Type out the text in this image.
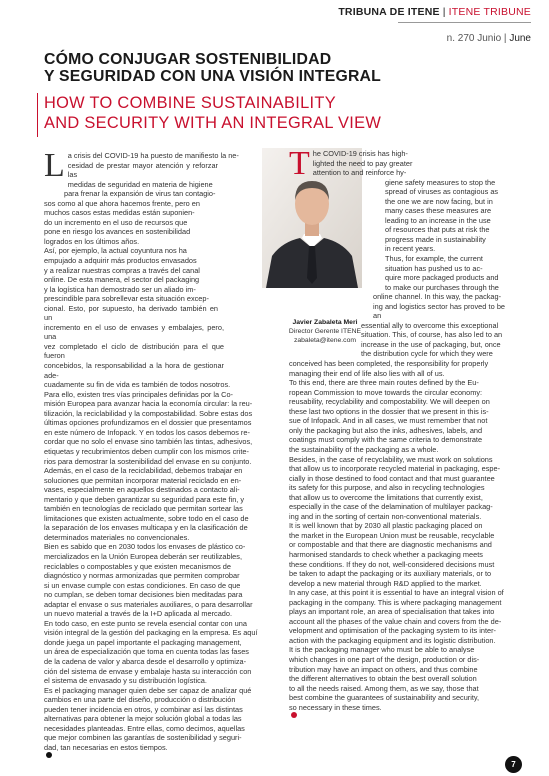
TRIBUNA DE ITENE | ITENE TRIBUNE
n. 270 Junio | June
CÓMO CONJUGAR SOSTENIBILIDAD
Y SEGURIDAD CON UNA VISIÓN INTEGRAL
HOW TO COMBINE SUSTAINABILITY
AND SECURITY WITH AN INTEGRAL VIEW
L a crisis del COVID-19 ha puesto de manifiesto la ne-
cesidad de prestar mayor atención y reforzar las
medidas de seguridad en materia de higiene
para frenar la expansión de virus tan contagio-
sos como al que ahora hacemos frente, pero en
muchos casos estas medidas están suponien-
do un incremento en el uso de recursos que
pone en riesgo los avances en sostenibilidad
logrados en los últimos años.
Así, por ejemplo, la actual coyuntura nos ha
empujado a adquirir más productos envasados
y a realizar nuestras compras a través del canal
online. De esta manera, el sector del packaging
y la logística han demostrado ser un aliado im-
prescindible para sobrellevar esta situación excep-
cional. Esto, por supuesto, ha derivado también en un
incremento en el uso de envases y embalajes, pero, una
vez completado el ciclo de distribución para el que fueron
concebidos, la responsabilidad a la hora de gestionar ade-
cuadamente su fin de vida es también de todos nosotros.
Para ello, existen tres vías principales definidas por la Co-
misión Europea para avanzar hacia la economía circular: la reu-
tilización, la reciclabilidad y la compostabilidad. Sobre estas dos
últimas opciones profundizamos en el dossier que presentamos
en este número de Infopack. Y en todos los casos debemos re-
cordar que no solo el envase sino también las tintas, adhesivos,
etiquetas y recubrimientos deben cumplir con los mismos crite-
rios para demostrar la sostenibilidad del envase en su conjunto.
Además, en el caso de la reciclabilidad, debemos trabajar en
soluciones que permitan incorporar material reciclado en en-
vases, especialmente en aquellos destinados a contacto ali-
mentario y que deben garantizar su seguridad para este fin, y
también en tecnologías de reciclado que permitan sortear las
limitaciones que existen actualmente, sobre todo en el caso de
la separación de los envases multicapa y en la clasificación de
determinados materiales no convencionales.
Bien es sabido que en 2030 todos los envases de plástico co-
mercializados en la Unión Europea deberán ser reutilizables,
reciclables o compostables y que existen mecanismos de
diagnóstico y normas armonizadas que permiten comprobar
si un envase cumple con estas condiciones. En caso de que
no cumplan, se deben tomar decisiones bien meditadas para
adaptar el envase o sus materiales auxiliares, o para desarrollar
un nuevo material a través de la I+D aplicada al mercado.
En todo caso, en este punto se revela esencial contar con una
visión integral de la gestión del packaging en la empresa. Es aquí
donde juega un papel importante el packaging management,
un área de especialización que toma en cuenta todas las fases
de la cadena de valor y abarca desde el desarrollo y optimiza-
ción del sistema de envase y embalaje hasta su interacción con
el sistema de envasado y su distribución logística.
Es el packaging manager quien debe ser capaz de analizar qué
cambios en una parte del diseño, producción o distribución
pueden tener incidencia en otros, y combinar así las distintas
alternativas para obtener la mejor solución global a todas las
necesidades planteadas. Entre ellas, como decimos, aquellas
que mejor combinen las garantías de sostenibilidad y seguri-
dad, tan necesarias en estos tiempos.
Javier Zabaleta Meri
Director Gerente ITENE
zabaleta@itene.com
T he COVID-19 crisis has high-
lighted the need to pay greater
attention to and reinforce hy-
giene safety measures to stop the
spread of viruses as contagious as
the one we are now facing, but in
many cases these measures are
leading to an increase in the use
of resources that puts at risk the
progress made in sustainability
in recent years.
Thus, for example, the current
situation has pushed us to ac-
quire more packaged products and
to make our purchases through the
online channel. In this way, the packag-
ing and logistics sector has proved to be an
essential ally to overcome this exceptional
situation. This, of course, has also led to an
increase in the use of packaging, but, once
the distribution cycle for which they were
conceived has been completed, the responsibility for properly
managing their end of life also lies with all of us.
To this end, there are three main routes defined by the Eu-
ropean Commission to move towards the circular economy:
reusability, recyclability and compostability. We will deepen on
these last two options in the dossier that we present in this is-
sue of Infopack. And in all cases, we must remember that not
only the packaging but also the inks, adhesives, labels, and
coatings must comply with the same criteria to demonstrate
the sustainability of the packaging as a whole.
Besides, in the case of recyclability, we must work on solutions
that allow us to incorporate recycled material in packaging, espe-
cially in those destined to food contact and that must guarantee
its safety for this purpose, and also in recycling technologies
that allow us to overcome the limitations that currently exist,
especially in the case of the delamination of multilayer packag-
ing and in the sorting of certain non-conventional materials.
It is well known that by 2030 all plastic packaging placed on
the market in the European Union must be reusable, recyclable
or compostable and that there are diagnostic mechanisms and
harmonised standards to check whether a packaging meets
these conditions. If they do not, well-considered decisions must
be taken to adapt the packaging or its auxiliary materials, or to
develop a new material through R&D applied to the market.
In any case, at this point it is essential to have an integral vision of
packaging in the company. This is where packaging management
plays an important role, an area of specialisation that takes into
account all the phases of the value chain and covers from the de-
velopment and optimisation of the packaging system to its inter-
action with the packaging equipment and its logistic distribution.
It is the packaging manager who must be able to analyse
which changes in one part of the design, production or dis-
tribution may have an impact on others, and thus combine
the different alternatives to obtain the best overall solution
to all the needs raised. Among them, as we say, those that
best combine the guarantees of sustainability and security,
so necessary in these times.
7
